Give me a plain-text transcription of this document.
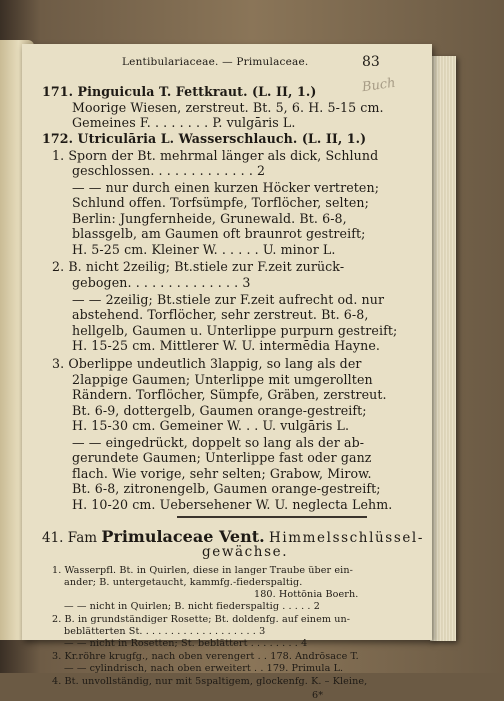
Lentibulariaceae. — Primulaceae.	83
Buch
171. Pinguicula T. Fettkraut. (L. II, 1.)
Moorige Wiesen, zerstreut. Bt. 5, 6. H. 5-15 cm.
Gemeines F. . . . . . . . P. vulgāris L.
172. Utriculāria L. Wasserschlauch. (L. II, 1.)
1. Sporn der Bt. mehrmal länger als dick, Schlund
geschlossen. . . . . . . . . . . . . 2
— — nur durch einen kurzen Höcker vertreten;
Schlund offen. Torfsümpfe, Torflöcher, selten;
Berlin: Jungfernheide, Grunewald. Bt. 6-8,
blassgelb, am Gaumen oft braunrot gestreift;
H. 5-25 cm. Kleiner W. . . . . . U. minor L.
2. B. nicht 2zeilig; Bt.stiele zur F.zeit zurück-
gebogen. . . . . . . . . . . . . . 3
— — 2zeilig; Bt.stiele zur F.zeit aufrecht od. nur
abstehend. Torflöcher, sehr zerstreut. Bt. 6-8,
hellgelb, Gaumen u. Unterlippe purpurn gestreift;
H. 15-25 cm. Mittlerer W. U. intermēdia Hayne.
3. Oberlippe undeutlich 3lappig, so lang als der
2lappige Gaumen; Unterlippe mit umgerollten
Rändern. Torflöcher, Sümpfe, Gräben, zerstreut.
Bt. 6-9, dottergelb, Gaumen orange-gestreift;
H. 15-30 cm. Gemeiner W. . . U. vulgāris L.
— — eingedrückt, doppelt so lang als der ab-
gerundete Gaumen; Unterlippe fast oder ganz
flach. Wie vorige, sehr selten; Grabow, Mirow.
Bt. 6-8, zitronengelb, Gaumen orange-gestreift;
H. 10-20 cm. Uebersehener W. U. neglecta Lehm.
41. Fam Primulaceae Vent. Himmelsschlüssel-
gewächse.
1. Wasserpfl. Bt. in Quirlen, diese in langer Traube über ein-
ander; B. untergetaucht, kammfg.-fiederspaltig.
180. Hottōnia Boerh.
— — nicht in Quirlen; B. nicht fiederspaltig . . . . . 2
2. B. in grundständiger Rosette; Bt. doldenfg. auf einem un-
beblätterten St. . . . . . . . . . . . . . . . . . . 3
— — nicht in Rosetten; St. beblättert . . . . . . . . 4
3. Kr.röhre krugfg., nach oben verengert . . 178. Andrōsace T.
— — cylindrisch, nach oben erweitert . . 179. Primula L.
4. Bt. unvollständig, nur mit 5spaltigem, glockenfg. K. – Kleine,
6*
